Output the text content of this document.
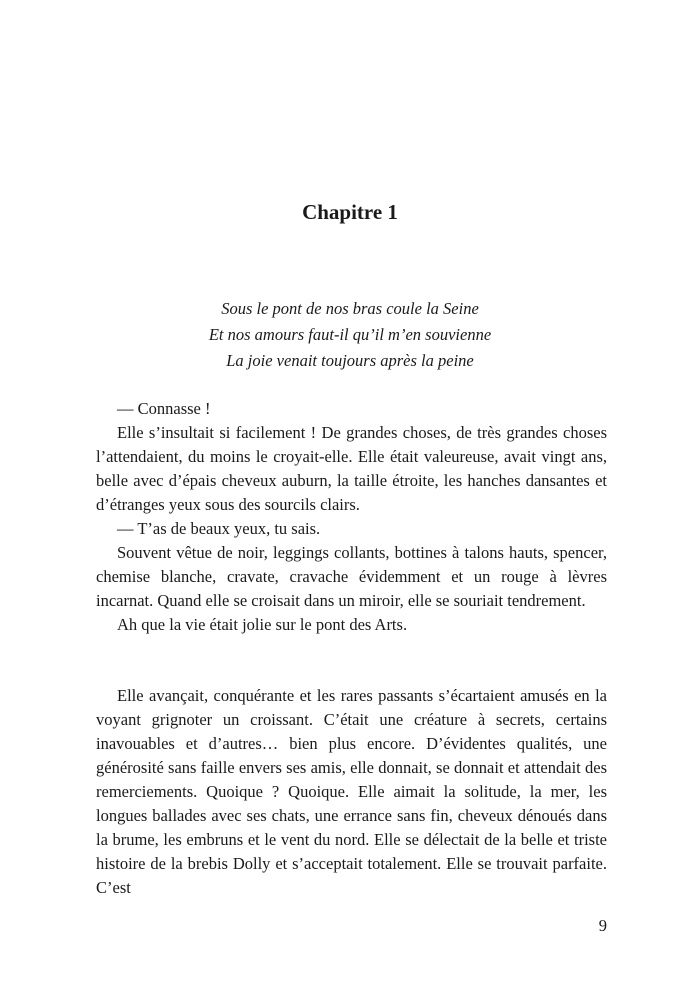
Chapitre 1
Sous le pont de nos bras coule la Seine
Et nos amours faut-il qu’il m’en souvienne
La joie venait toujours après la peine

— Connasse !

Elle s’insultait si facilement ! De grandes choses, de très grandes choses l’attendaient, du moins le croyait-elle. Elle était valeureuse, avait vingt ans, belle avec d’épais cheveux auburn, la taille étroite, les hanches dansantes et d’étranges yeux sous des sourcils clairs.

— T’as de beaux yeux, tu sais.

Souvent vêtue de noir, leggings collants, bottines à talons hauts, spencer, chemise blanche, cravate, cravache évidemment et un rouge à lèvres incarnat. Quand elle se croisait dans un miroir, elle se souriait tendrement.

Ah que la vie était jolie sur le pont des Arts.

Elle avançait, conquérante et les rares passants s’écartaient amusés en la voyant grignoter un croissant. C’était une créature à secrets, certains inavouables et d’autres… bien plus encore. D’évidentes qualités, une générosité sans faille envers ses amis, elle donnait, se donnait et attendait des remerciements. Quoique ? Quoique. Elle aimait la solitude, la mer, les longues ballades avec ses chats, une errance sans fin, cheveux dénoués dans la brume, les embruns et le vent du nord. Elle se délectait de la belle et triste histoire de la brebis Dolly et s’acceptait totalement. Elle se trouvait parfaite. C’est

9
